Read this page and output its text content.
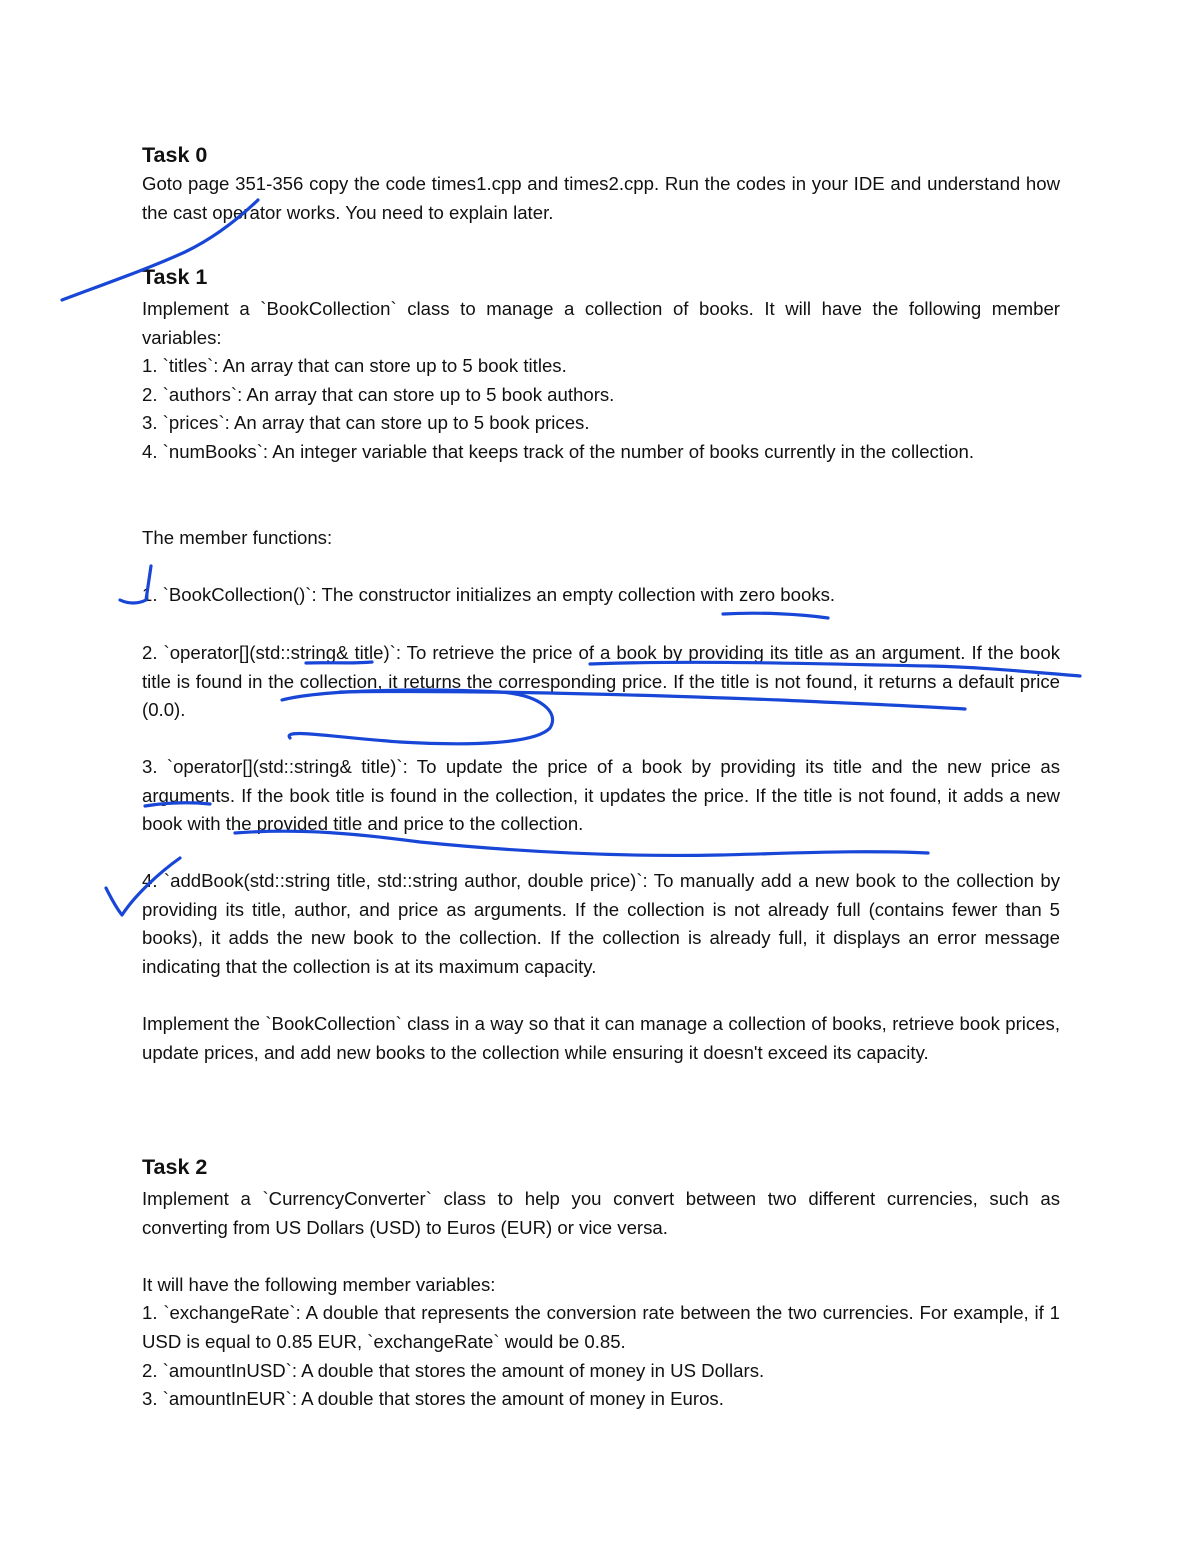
Task 0

Goto page 351-356 copy the code times1.cpp and times2.cpp. Run the codes in your IDE and understand how the cast operator works. You need to explain later.

Task 1

Implement a `BookCollection` class to manage a collection of books. It will have the following member variables:

1. `titles`: An array that can store up to 5 book titles.

2. `authors`: An array that can store up to 5 book authors.

3. `prices`: An array that can store up to 5 book prices.

4. `numBooks`: An integer variable that keeps track of the number of books currently in the collection.

The member functions:

1. `BookCollection()`: The constructor initializes an empty collection with zero books.

2. `operator[](std::string& title)`: To retrieve the price of a book by providing its title as an argument. If the book title is found in the collection, it returns the corresponding price. If the title is not found, it returns a default price (0.0).

3. `operator[](std::string& title)`: To update the price of a book by providing its title and the new price as arguments. If the book title is found in the collection, it updates the price. If the title is not found, it adds a new book with the provided title and price to the collection.

4. `addBook(std::string title, std::string author, double price)`: To manually add a new book to the collection by providing its title, author, and price as arguments. If the collection is not already full (contains fewer than 5 books), it adds the new book to the collection. If the collection is already full, it displays an error message indicating that the collection is at its maximum capacity.

Implement the `BookCollection` class in a way so that it can manage a collection of books, retrieve book prices, update prices, and add new books to the collection while ensuring it doesn't exceed its capacity.

Task 2

Implement a `CurrencyConverter` class to help you convert between two different currencies, such as converting from US Dollars (USD) to Euros (EUR) or vice versa.

It will have the following member variables:

1. `exchangeRate`: A double that represents the conversion rate between the two currencies. For example, if 1 USD is equal to 0.85 EUR, `exchangeRate` would be 0.85.

2. `amountInUSD`: A double that stores the amount of money in US Dollars.

3. `amountInEUR`: A double that stores the amount of money in Euros.
